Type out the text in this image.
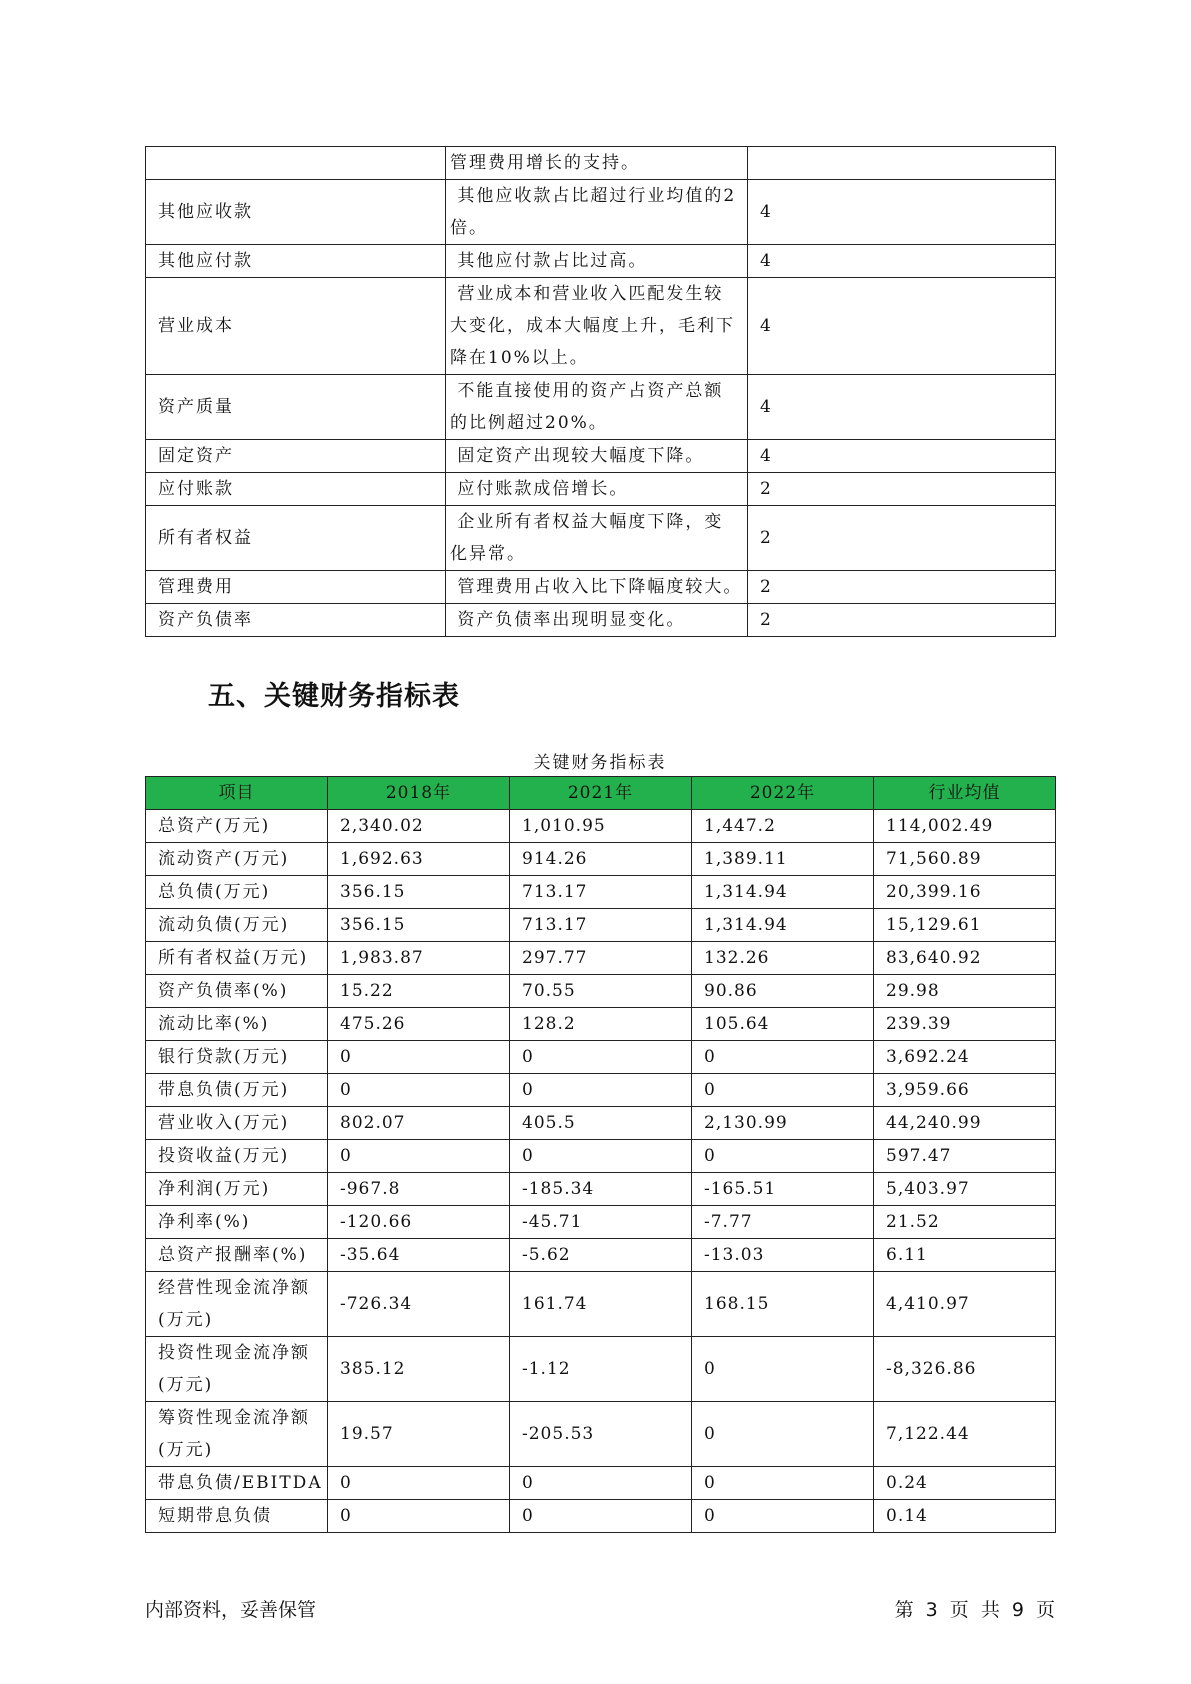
	管理费用增长的支持。	

其他应收款	其他应收款占比超过行业均值的2
倍。	4
其他应付款	其他应付款占比过高。	4
营业成本	营业成本和营业收入匹配发生较
大变化，成本大幅度上升，毛利下
降在10%以上。	4
资产质量	不能直接使用的资产占资产总额
的比例超过20%。	4
固定资产	固定资产出现较大幅度下降。	4
应付账款	应付账款成倍增长。	2
所有者权益	企业所有者权益大幅度下降，变
化异常。	2
管理费用	管理费用占收入比下降幅度较大。	2
资产负债率	资产负债率出现明显变化。	2
五、关键财务指标表
关键财务指标表
项目	2018年	2021年	2022年	行业均值

总资产(万元)	2,340.02	1,010.95	1,447.2	114,002.49

流动资产(万元)	1,692.63	914.26	1,389.11	71,560.89

总负债(万元)	356.15	713.17	1,314.94	20,399.16

流动负债(万元)	356.15	713.17	1,314.94	15,129.61

所有者权益(万元)	1,983.87	297.77	132.26	83,640.92

资产负债率(%)	15.22	70.55	90.86	29.98

流动比率(%)	475.26	128.2	105.64	239.39

银行贷款(万元)	0	0	0	3,692.24

带息负债(万元)	0	0	0	3,959.66

营业收入(万元)	802.07	405.5	2,130.99	44,240.99

投资收益(万元)	0	0	0	597.47

净利润(万元)	-967.8	-185.34	-165.51	5,403.97

净利率(%)	-120.66	-45.71	-7.77	21.52

总资产报酬率(%)	-35.64	-5.62	-13.03	6.11

经营性现金流净额
(万元)	-726.34	161.74	168.15	4,410.97

投资性现金流净额
(万元)	385.12	-1.12	0	-8,326.86

筹资性现金流净额
(万元)	19.57	-205.53	0	7,122.44

带息负债/EBITDA	0	0	0	0.24

短期带息负债	0	0	0	0.14
内部资料，妥善保管	第 3 页 共 9 页
